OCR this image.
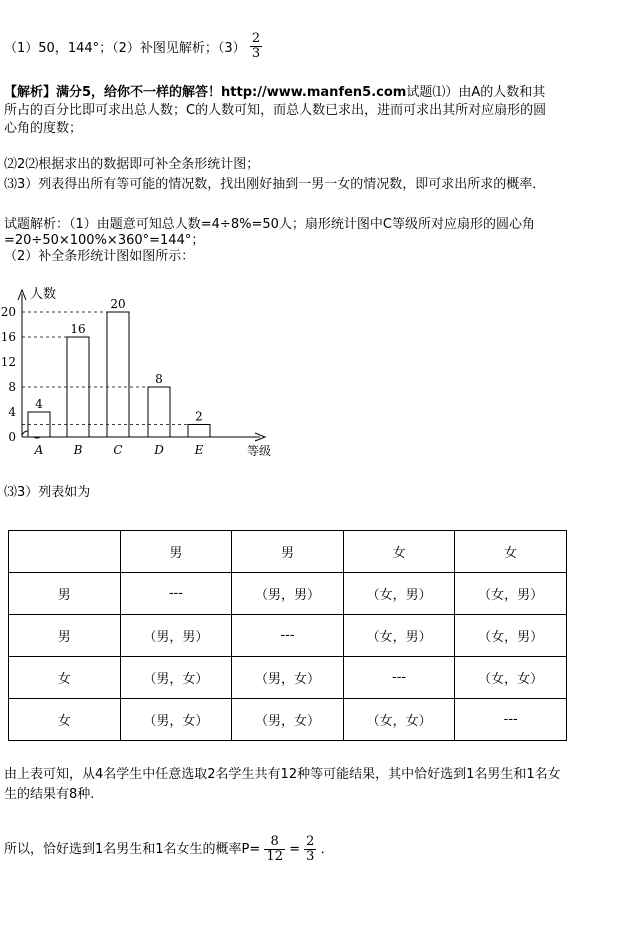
（1）50，144°；（2）补图见解析；$(3) \frac{2}{3}$
【解析】满分5，给你不一样的解答！http://www.manfen5.com试题⑴）由A的人数和其
所占的百分比即可求出总人数；C的人数可知，而总人数已求出，进而可求出其所对应扇形的圆
心角的度数；
⑵2⑵根据求出的数据即可补全条形统计图；
⑶3）列表得出所有等可能的情况数，找出刚好抽到一男一女的情况数，即可求出所求的概率．
试题解析：（1）由题意可知总人数=4÷8%=50人；扇形统计图中C等级所对应扇形的圆心角
=20÷50×100%×360°=144°；
（2）补全条形统计图如图所示：
人数
等级
0
4
8
12
16
20
4
A
16
B
20
C
8
D
2
E
⑶3）列表如为
	男	男	女	女
男	---	（男，男）	（女，男）	（女，男）
男	（男，男）	---	（女，男）	（女，男）
女	（男，女）	（男，女）	---	（女，女）
女	（男，女）	（男，女）	（女，女）	---
由上表可知，从4名学生中任意选取2名学生共有12种等可能结果，其中恰好选到1名男生和1名女
生的结果有8种.
所以，恰好选到1名男生和1名女生的概率$P= \frac{8}{12} = \frac{2}{3}$ ．
